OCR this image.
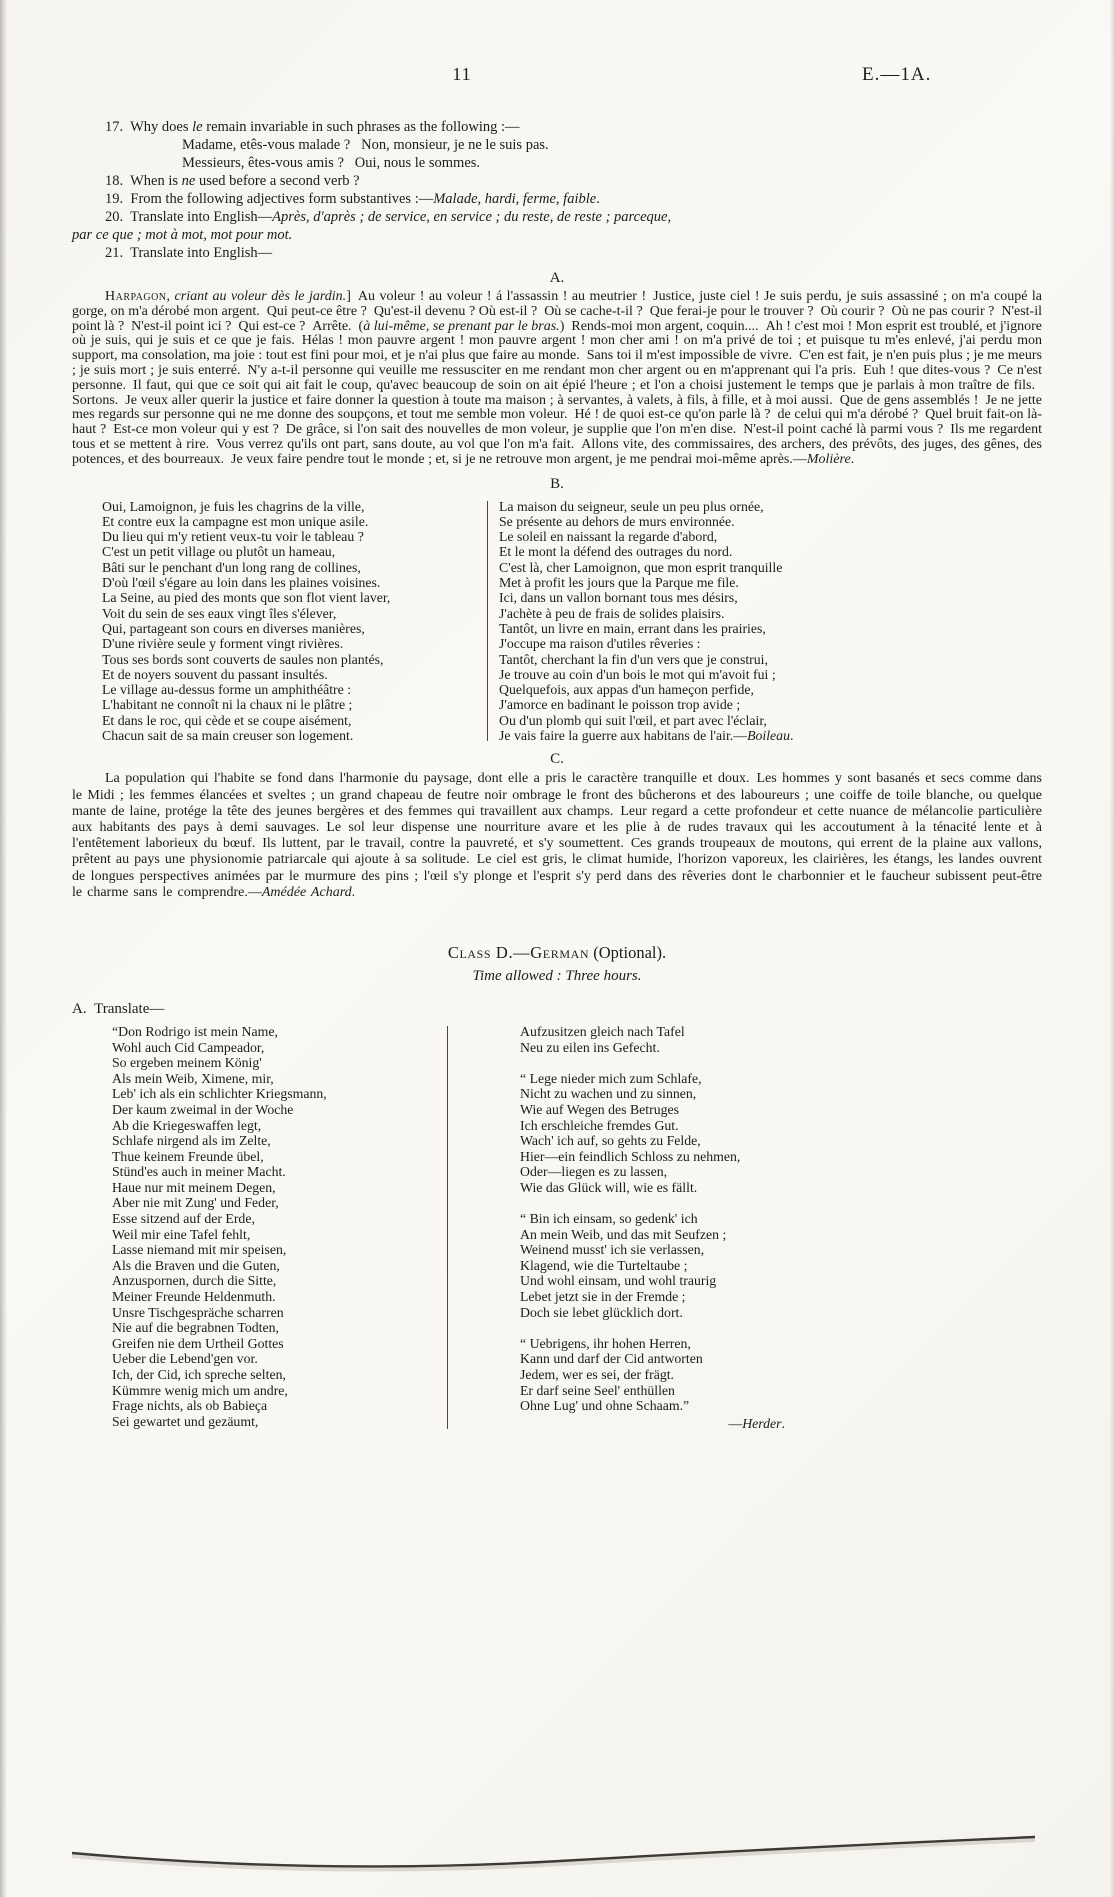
11	E.—1A.
17.  Why does le remain invariable in such phrases as the following :—
Madame, etês-vous malade ?  Non, monsieur, je ne le suis pas.
Messieurs, êtes-vous amis ?  Oui, nous le sommes.
18.  When is ne used before a second verb ?
19.  From the following adjectives form substantives :—Malade, hardi, ferme, faible.
20.  Translate into English—Après, d'après ; de service, en service ; du reste, de reste ; parceque,
par ce que ; mot à mot, mot pour mot.
21.  Translate into English—
A.

Harpagon, criant au voleur dès le jardin.] Au voleur ! au voleur ! á l'assassin ! au meutrier ! Justice, juste ciel ! Je suis perdu, je suis assassiné ; on m'a coupé la gorge, on m'a dérobé mon argent. Qui peut-ce être ? Qu'est-il devenu ? Où est-il ? Où se cache-t-il ? Que ferai-je pour le trouver ? Où courir ? Où ne pas courir ? N'est-il point là ? N'est-il point ici ? Qui est-ce ? Arrête. (à lui-même, se prenant par le bras.) Rends-moi mon argent, coquin.... Ah ! c'est moi ! Mon esprit est troublé, et j'ignore où je suis, qui je suis et ce que je fais. Hélas ! mon pauvre argent ! mon pauvre argent ! mon cher ami ! on m'a privé de toi ; et puisque tu m'es enlevé, j'ai perdu mon support, ma consolation, ma joie : tout est fini pour moi, et je n'ai plus que faire au monde. Sans toi il m'est impossible de vivre. C'en est fait, je n'en puis plus ; je me meurs ; je suis mort ; je suis enterré. N'y a-t-il personne qui veuille me ressusciter en me rendant mon cher argent ou en m'apprenant qui l'a pris. Euh ! que dites-vous ? Ce n'est personne. Il faut, qui que ce soit qui ait fait le coup, qu'avec beaucoup de soin on ait épié l'heure ; et l'on a choisi justement le temps que je parlais à mon traître de fils. Sortons. Je veux aller querir la justice et faire donner la question à toute ma maison ; à servantes, à valets, à fils, à fille, et à moi aussi. Que de gens assemblés ! Je ne jette mes regards sur personne qui ne me donne des soupçons, et tout me semble mon voleur. Hé ! de quoi est-ce qu'on parle là ? de celui qui m'a dérobé ? Quel bruit fait-on là-haut ? Est-ce mon voleur qui y est ? De grâce, si l'on sait des nouvelles de mon voleur, je supplie que l'on m'en dise. N'est-il point caché là parmi vous ? Ils me regardent tous et se mettent à rire. Vous verrez qu'ils ont part, sans doute, au vol que l'on m'a fait. Allons vite, des commissaires, des archers, des prévôts, des juges, des gênes, des potences, et des bourreaux. Je veux faire pendre tout le monde ; et, si je ne retrouve mon argent, je me pendrai moi-même après.—Molière.

B.
Oui, Lamoignon, je fuis les chagrins de la ville,
Et contre eux la campagne est mon unique asile.
Du lieu qui m'y retient veux-tu voir le tableau ?
C'est un petit village ou plutôt un hameau,
Bâti sur le penchant d'un long rang de collines,
D'où l'œil s'égare au loin dans les plaines voisines.
La Seine, au pied des monts que son flot vient laver,
Voit du sein de ses eaux vingt îles s'élever,
Qui, partageant son cours en diverses manières,
D'une rivière seule y forment vingt rivières.
Tous ses bords sont couverts de saules non plantés,
Et de noyers souvent du passant insultés.
Le village au-dessus forme un amphithéâtre :
L'habitant ne connoît ni la chaux ni le plâtre ;
Et dans le roc, qui cède et se coupe aisément,
Chacun sait de sa main creuser son logement.
La maison du seigneur, seule un peu plus ornée,
Se présente au dehors de murs environnée.
Le soleil en naissant la regarde d'abord,
Et le mont la défend des outrages du nord.
C'est là, cher Lamoignon, que mon esprit tranquille
Met à profit les jours que la Parque me file.
Ici, dans un vallon bornant tous mes désirs,
J'achète à peu de frais de solides plaisirs.
Tantôt, un livre en main, errant dans les prairies,
J'occupe ma raison d'utiles rêveries :
Tantôt, cherchant la fin d'un vers que je construi,
Je trouve au coin d'un bois le mot qui m'avoit fui ;
Quelquefois, aux appas d'un hameçon perfide,
J'amorce en badinant le poisson trop avide ;
Ou d'un plomb qui suit l'œil, et part avec l'éclair,
Je vais faire la guerre aux habitans de l'air.—Boileau.
C.

La population qui l'habite se fond dans l'harmonie du paysage, dont elle a pris le caractère tranquille et doux. Les hommes y sont basanés et secs comme dans le Midi ; les femmes élancées et sveltes ; un grand chapeau de feutre noir ombrage le front des bûcherons et des laboureurs ; une coiffe de toile blanche, ou quelque mante de laine, protége la tête des jeunes bergères et des femmes qui travaillent aux champs. Leur regard a cette profondeur et cette nuance de mélancolie particulière aux habitants des pays à demi sauvages. Le sol leur dispense une nourriture avare et les plie à de rudes travaux qui les accoutument à la ténacité lente et à l'entêtement laborieux du bœuf. Ils luttent, par le travail, contre la pauvreté, et s'y soumettent. Ces grands troupeaux de moutons, qui errent de la plaine aux vallons, prêtent au pays une physionomie patriarcale qui ajoute à sa solitude. Le ciel est gris, le climat humide, l'horizon vaporeux, les clairières, les étangs, les landes ouvrent de longues perspectives animées par le murmure des pins ; l'œil s'y plonge et l'esprit s'y perd dans des rêveries dont le charbonnier et le faucheur subissent peut-être le charme sans le comprendre.—Amédée Achard.

Class D.—German (Optional).
Time allowed : Three hours.
A. Translate—
“Don Rodrigo ist mein Name,
Wohl auch Cid Campeador,
So ergeben meinem König'
Als mein Weib, Ximene, mir,
Leb' ich als ein schlichter Kriegsmann,
Der kaum zweimal in der Woche
Ab die Kriegeswaffen legt,
Schlafe nirgend als im Zelte,
Thue keinem Freunde übel,
Stünd'es auch in meiner Macht.
Haue nur mit meinem Degen,
Aber nie mit Zung' und Feder,
Esse sitzend auf der Erde,
Weil mir eine Tafel fehlt,
Lasse niemand mit mir speisen,
Als die Braven und die Guten,
Anzuspornen, durch die Sitte,
Meiner Freunde Heldenmuth.
Unsre Tischgespräche scharren
Nie auf die begrabnen Todten,
Greifen nie dem Urtheil Gottes
Ueber die Lebend'gen vor.
Ich, der Cid, ich spreche selten,
Kümmre wenig mich um andre,
Frage nichts, als ob Babieça
Sei gewartet und gezäumt,
Aufzusitzen gleich nach Tafel
Neu zu eilen ins Gefecht.
“ Lege nieder mich zum Schlafe,
Nicht zu wachen und zu sinnen,
Wie auf Wegen des Betruges
Ich erschleiche fremdes Gut.
Wach' ich auf, so gehts zu Felde,
Hier—ein feindlich Schloss zu nehmen,
Oder—liegen es zu lassen,
Wie das Glück will, wie es fällt.
“ Bin ich einsam, so gedenk' ich
An mein Weib, und das mit Seufzen ;
Weinend musst' ich sie verlassen,
Klagend, wie die Turteltaube ;
Und wohl einsam, und wohl traurig
Lebet jetzt sie in der Fremde ;
Doch sie lebet glücklich dort.
“ Uebrigens, ihr hohen Herren,
Kann und darf der Cid antworten
Jedem, wer es sei, der frägt.
Er darf seine Seel' enthüllen
Ohne Lug' und ohne Schaam.”
—Herder.
